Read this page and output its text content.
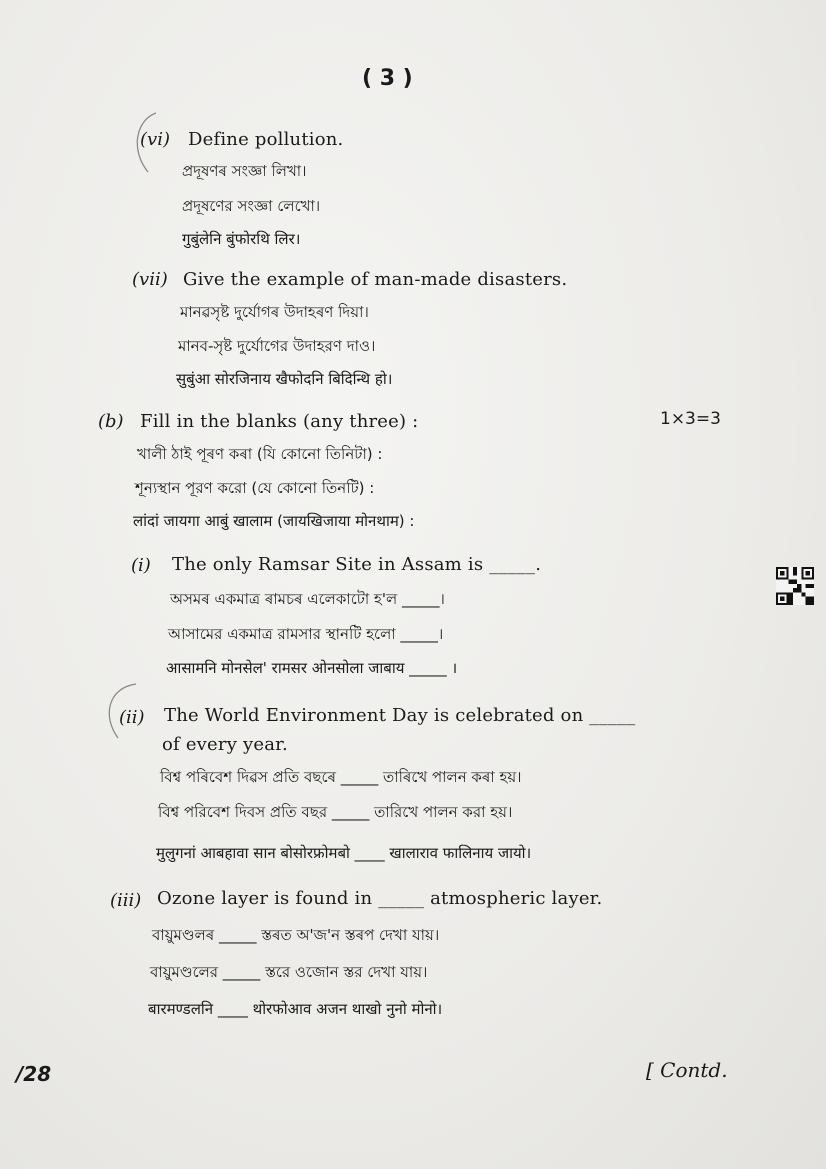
( 3 )
(vi) Define pollution.
প্ৰদূষণৰ সংজ্ঞা লিখা।
প্রদূষণের সংজ্ঞা লেখো।
गुबुंलेनि बुंफोरथि लिर।
(vii) Give the example of man-made disasters.
মানৱসৃষ্ট দুৰ্যোগৰ উদাহৰণ দিয়া।
মানব-সৃষ্ট দুর্যোগের উদাহরণ দাও।
सुबुंआ सोरजिनाय खैफोदनि बिदिन्थि हो।
(b) Fill in the blanks (any three) :	1×3=3
খালী ঠাই পূৰণ কৰা (যি কোনো তিনিটা) :
শূন্যস্থান পূরণ করো (যে কোনো তিনটি) :
लांदां जायगा आबुं खालाम (जायखिजाया मोनथाम) :
(i) The only Ramsar Site in Assam is _____.
অসমৰ একমাত্ৰ ৰামচৰ এলেকাটো হ'ল _____।
আসামের একমাত্র রামসার স্থানটি হলো _____।
आसामनि मोनसेल' रामसर ओनसोला जाबाय _____ ।
(ii) The World Environment Day is celebrated on _____
of every year.
বিশ্ব পৰিবেশ দিৱস প্ৰতি বছৰে _____ তাৰিখে পালন কৰা হয়।
বিশ্ব পরিবেশ দিবস প্রতি বছর _____ তারিখে পালন করা হয়।
मुलुगनां आबहावा सान बोसोरफ्रोमबो ____ खालाराव फालिनाय जायो।
(iii) Ozone layer is found in _____ atmospheric layer.
বায়ুমণ্ডলৰ _____ স্তৰত অ'জ'ন স্তৰপ দেখা যায়।
বায়ুমণ্ডলের _____ স্তরে ওজোন স্তর দেখা যায়।
बारमण्डलनि ____ थोरफोआव अजन थाखो नुनो मोनो।
/28	[ Contd.
